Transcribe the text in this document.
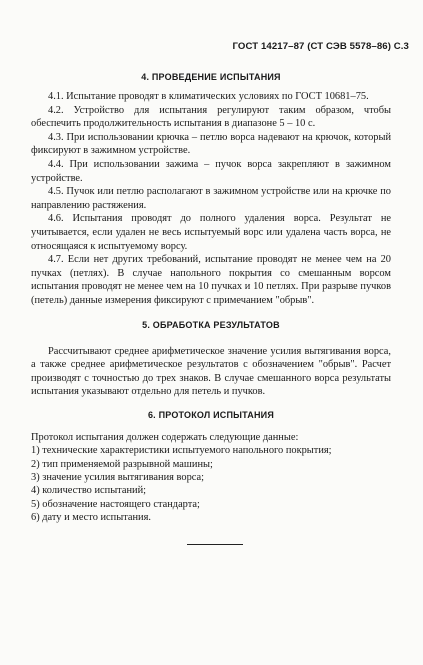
ГОСТ 14217–87 (СТ СЭВ 5578–86) С.3
4. ПРОВЕДЕНИЕ ИСПЫТАНИЯ

4.1. Испытание проводят в климатических условиях по ГОСТ 10681–75.

4.2. Устройство для испытания регулируют таким образом, чтобы обеспечить продолжительность испытания в диапазоне 5 – 10 с.

4.3. При использовании крючка – петлю ворса надевают на крючок, который фиксируют в зажимном устройстве.

4.4. При использовании зажима – пучок ворса закрепляют в зажимном устройстве.

4.5. Пучок или петлю располагают в зажимном устройстве или на крючке по направлению растяжения.

4.6. Испытания проводят до полного удаления ворса. Результат не учитывается, если удален не весь испытуемый ворс или удалена часть ворса, не относящаяся к испытуемому ворсу.

4.7. Если нет других требований, испытание проводят не менее чем на 20 пучках (петлях). В случае напольного покрытия со смешанным ворсом испытания проводят не менее чем на 10 пучках и 10 петлях. При разрыве пучков (петель) данные измерения фиксируют с примечанием "обрыв".

5. ОБРАБОТКА РЕЗУЛЬТАТОВ

Рассчитывают среднее арифметическое значение усилия вытягивания ворса, а также среднее арифметическое результатов с обозначением "обрыв". Расчет производят с точностью до трех знаков. В случае смешанного ворса результаты испытания указывают отдельно для петель и пучков.

6. ПРОТОКОЛ ИСПЫТАНИЯ

Протокол испытания должен содержать следующие данные:

1) технические характеристики испытуемого напольного покрытия;
2) тип применяемой разрывной машины;
3) значение усилия вытягивания ворса;
4) количество испытаний;
5) обозначение настоящего стандарта;
6) дату и место испытания.
